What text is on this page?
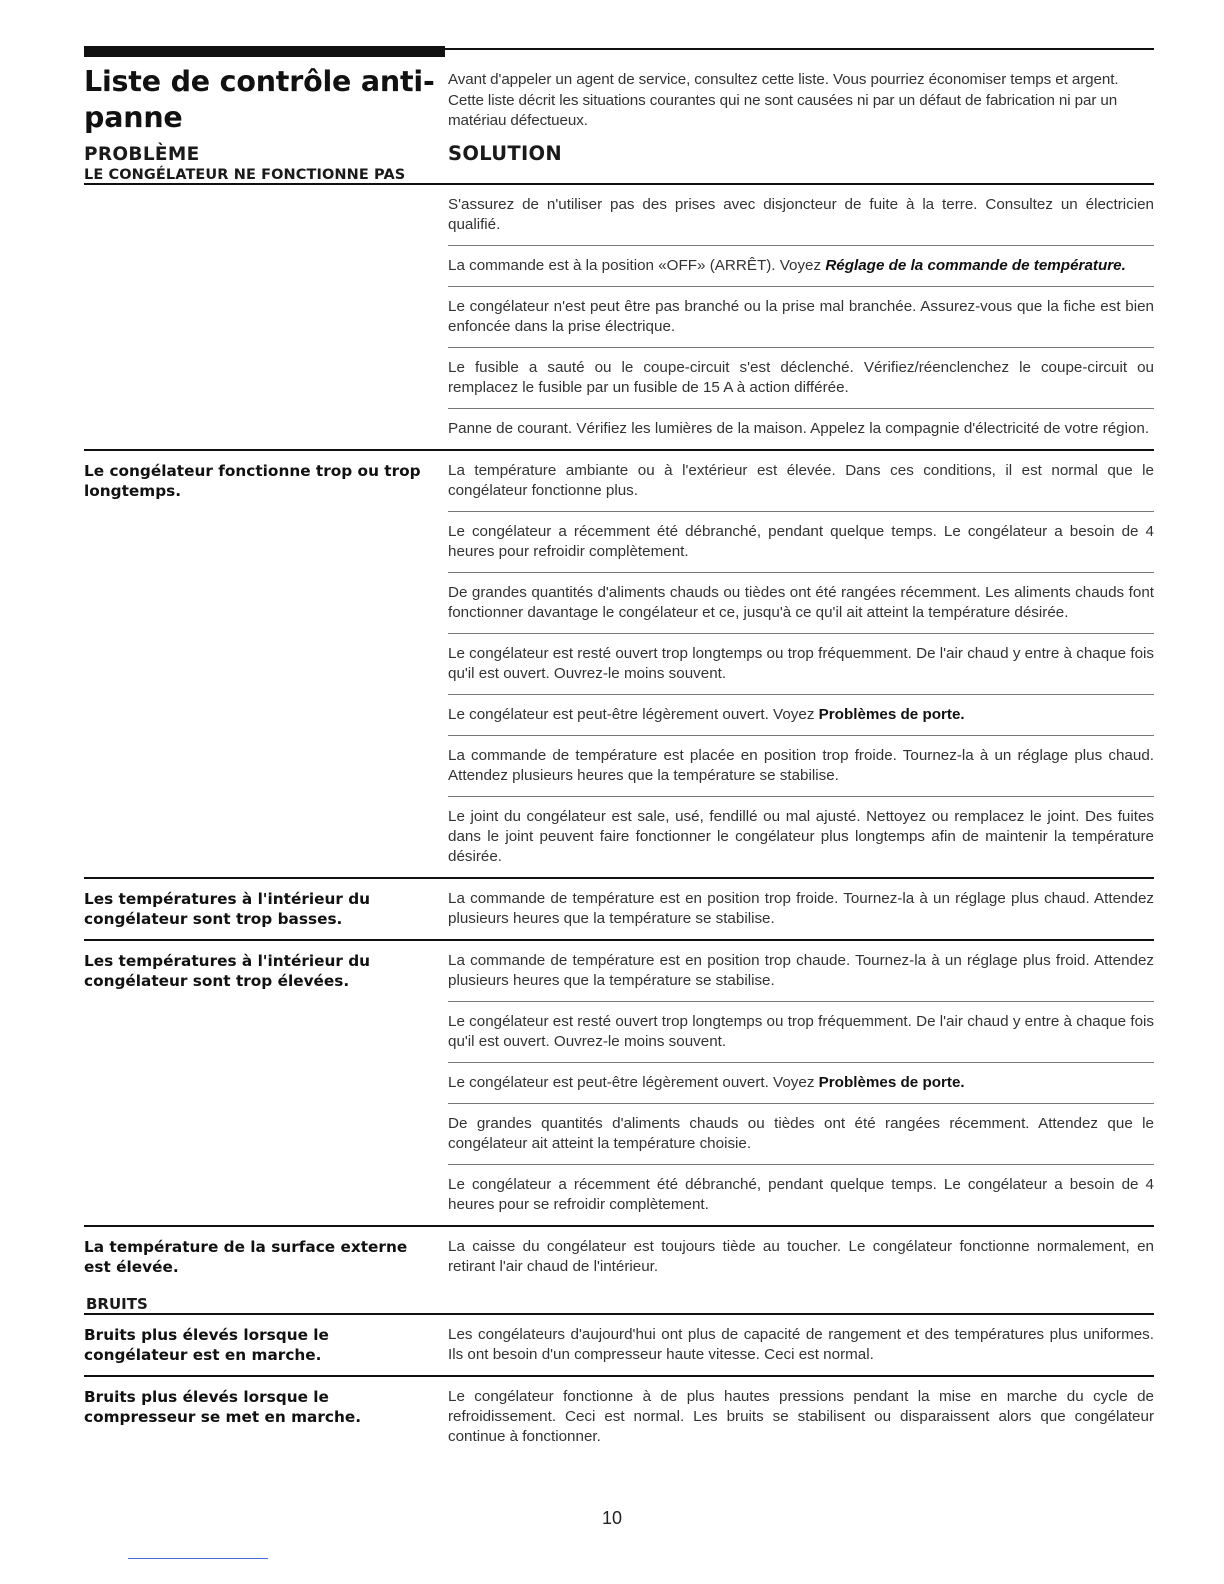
Liste de contrôle anti-panne

Avant d'appeler un agent de service, consultez cette liste. Vous pourriez économiser temps et argent. Cette liste décrit les situations courantes qui ne sont causées ni par un défaut de fabrication ni par un matériau défectueux.

PROBLÈME	SOLUTION
LE CONGÉLATEUR NE FONCTIONNE PAS
S'assurez de n'utiliser pas des prises avec disjoncteur de fuite à la terre. Consultez un électricien qualifié.
La commande est à la position «OFF» (ARRÊT). Voyez Réglage de la commande de température.
Le congélateur n'est peut être pas branché ou la prise mal branchée. Assurez-vous que la fiche est bien enfoncée dans la prise électrique.
Le fusible a sauté ou le coupe-circuit s'est déclenché. Vérifiez/réenclenchez le coupe-circuit ou remplacez le fusible par un fusible de 15 A à action différée.
Panne de courant. Vérifiez les lumières de la maison. Appelez la compagnie d'électricité de votre région.
Le congélateur fonctionne trop ou trop longtemps.
La température ambiante ou à l'extérieur est élevée. Dans ces conditions, il est normal que le congélateur fonctionne plus.
Le congélateur a récemment été débranché, pendant quelque temps. Le congélateur a besoin de 4 heures pour refroidir complètement.
De grandes quantités d'aliments chauds ou tièdes ont été rangées récemment. Les aliments chauds font fonctionner davantage le congélateur et ce, jusqu'à ce qu'il ait atteint la température désirée.
Le congélateur est resté ouvert trop longtemps ou trop fréquemment. De l'air chaud y entre à chaque fois qu'il est ouvert. Ouvrez-le moins souvent.
Le congélateur est peut-être légèrement ouvert. Voyez Problèmes de porte.
La commande de température est placée en position trop froide. Tournez-la à un réglage plus chaud. Attendez plusieurs heures que la température se stabilise.
Le joint du congélateur est sale, usé, fendillé ou mal ajusté. Nettoyez ou remplacez le joint. Des fuites dans le joint peuvent faire fonctionner le congélateur plus longtemps afin de maintenir la température désirée.
Les températures à l'intérieur du congélateur sont trop basses.
La commande de température est en position trop froide. Tournez-la à un réglage plus chaud. Attendez plusieurs heures que la température se stabilise.
Les températures à l'intérieur du congélateur sont trop élevées.
La commande de température est en position trop chaude. Tournez-la à un réglage plus froid. Attendez plusieurs heures que la température se stabilise.
Le congélateur est resté ouvert trop longtemps ou trop fréquemment. De l'air chaud y entre à chaque fois qu'il est ouvert. Ouvrez-le moins souvent.
Le congélateur est peut-être légèrement ouvert. Voyez Problèmes de porte.
De grandes quantités d'aliments chauds ou tièdes ont été rangées récemment. Attendez que le congélateur ait atteint la température choisie.
Le congélateur a récemment été débranché, pendant quelque temps. Le congélateur a besoin de 4 heures pour se refroidir complètement.
La température de la surface externe est élevée.
La caisse du congélateur est toujours tiède au toucher. Le congélateur fonctionne normalement, en retirant l'air chaud de l'intérieur.
BRUITS
Bruits plus élevés lorsque le congélateur est en marche.
Les congélateurs d'aujourd'hui ont plus de capacité de rangement et des températures plus uniformes. Ils ont besoin d'un compresseur haute vitesse. Ceci est normal.
Bruits plus élevés lorsque le compresseur se met en marche.
Le congélateur fonctionne à de plus hautes pressions pendant la mise en marche du cycle de refroidissement. Ceci est normal. Les bruits se stabilisent ou disparaissent alors que congélateur continue à fonctionner.
10
